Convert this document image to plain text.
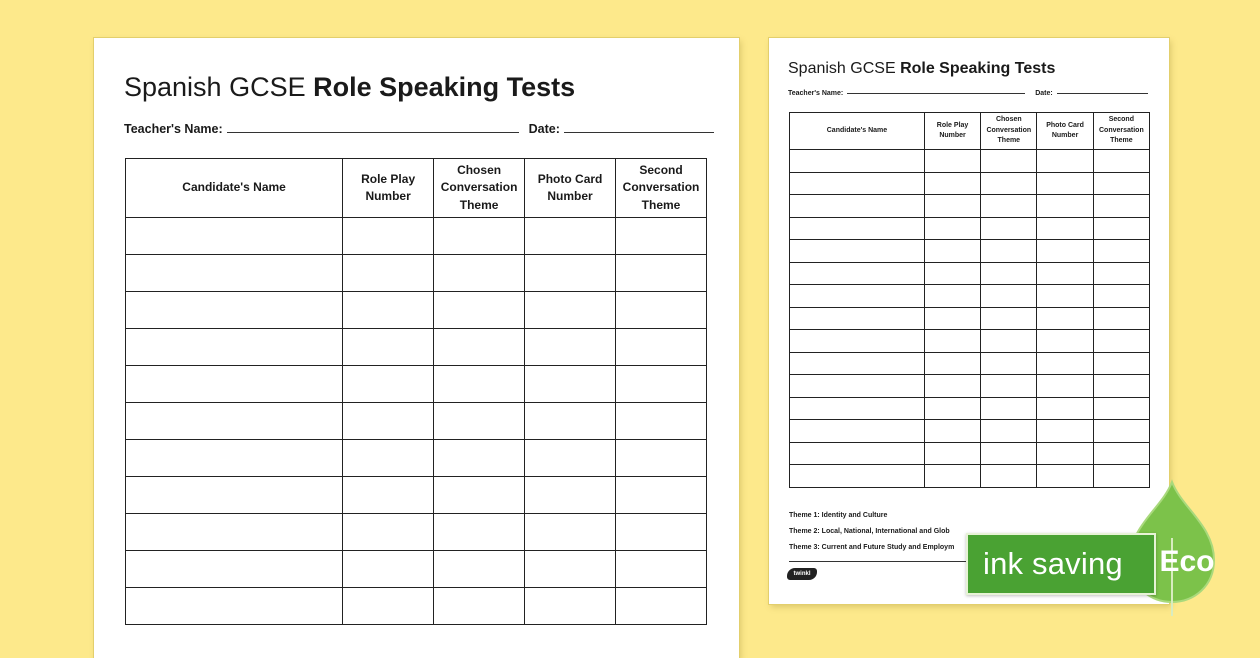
Spanish GCSE Role Speaking Tests
Teacher's Name:	Date:
Candidate's Name	Role Play Number	Chosen Conversation Theme	Photo Card Number	Second Conversation Theme

Spanish GCSE Role Speaking Tests
Teacher's Name:	Date:
Candidate's Name	Role Play Number	Chosen Conversation Theme	Photo Card Number	Second Conversation Theme

Theme 1: Identity and Culture
Theme 2: Local, National, International and Glob
Theme 3: Current and Future Study and Employm
twinkl	ink saving	Eco
